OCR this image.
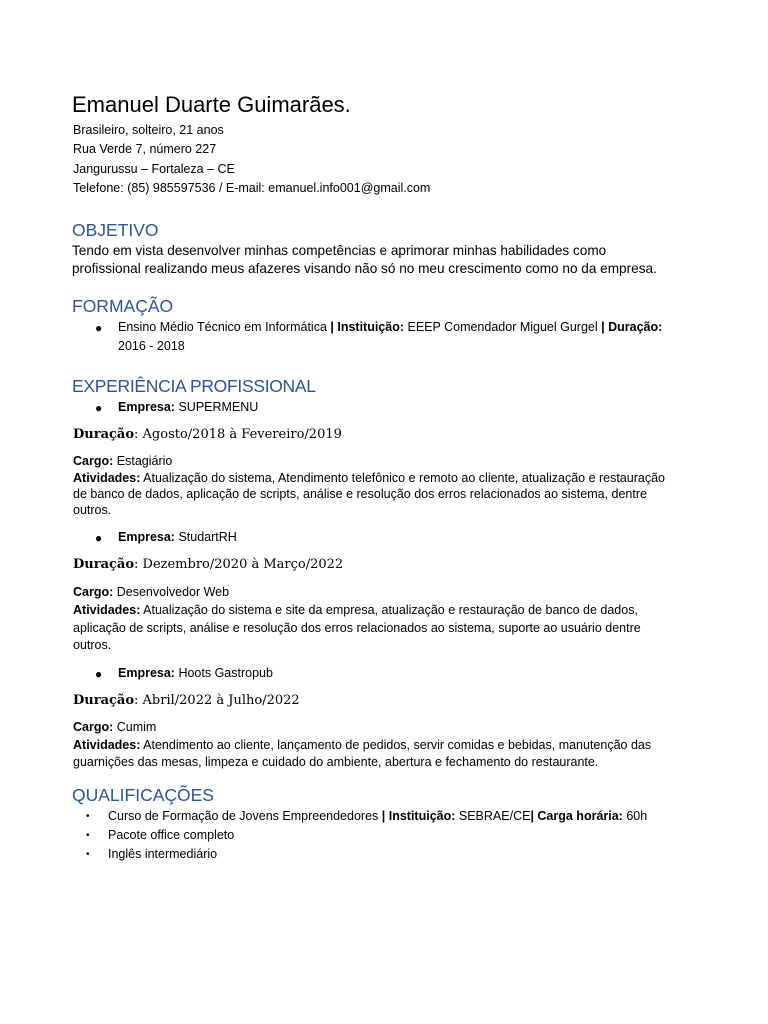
Emanuel Duarte Guimarães.
Brasileiro, solteiro, 21 anos
Rua Verde 7, número 227
Jangurussu – Fortaleza – CE
Telefone: (85) 985597536 / E-mail: emanuel.info001@gmail.com
OBJETIVO
Tendo em vista desenvolver minhas competências e aprimorar minhas habilidades como
profissional realizando meus afazeres visando não só no meu crescimento como no da empresa.
FORMAÇÃO
● Ensino Médio Técnico em Informática | Instituição: EEEP Comendador Miguel Gurgel | Duração:
2016 - 2018
EXPERIÊNCIA PROFISSIONAL
● Empresa: SUPERMENU
Duração: Agosto/2018 à Fevereiro/2019
Cargo: Estagiário
Atividades: Atualização do sistema, Atendimento telefônico e remoto ao cliente, atualização e restauração
de banco de dados, aplicação de scripts, análise e resolução dos erros relacionados ao sistema, dentre
outros.
● Empresa: StudartRH
Duração: Dezembro/2020 à Março/2022
Cargo: Desenvolvedor Web
Atividades: Atualização do sistema e site da empresa, atualização e restauração de banco de dados,
aplicação de scripts, análise e resolução dos erros relacionados ao sistema, suporte ao usuário dentre
outros.
● Empresa: Hoots Gastropub
Duração: Abril/2022 à Julho/2022
Cargo: Cumim
Atividades: Atendimento ao cliente, lançamento de pedidos, servir comidas e bebidas, manutenção das
guarnições das mesas, limpeza e cuidado do ambiente, abertura e fechamento do restaurante.
QUALIFICAÇÕES
• Curso de Formação de Jovens Empreendedores | Instituição: SEBRAE/CE| Carga horária: 60h
• Pacote office completo
• Inglês intermediário
